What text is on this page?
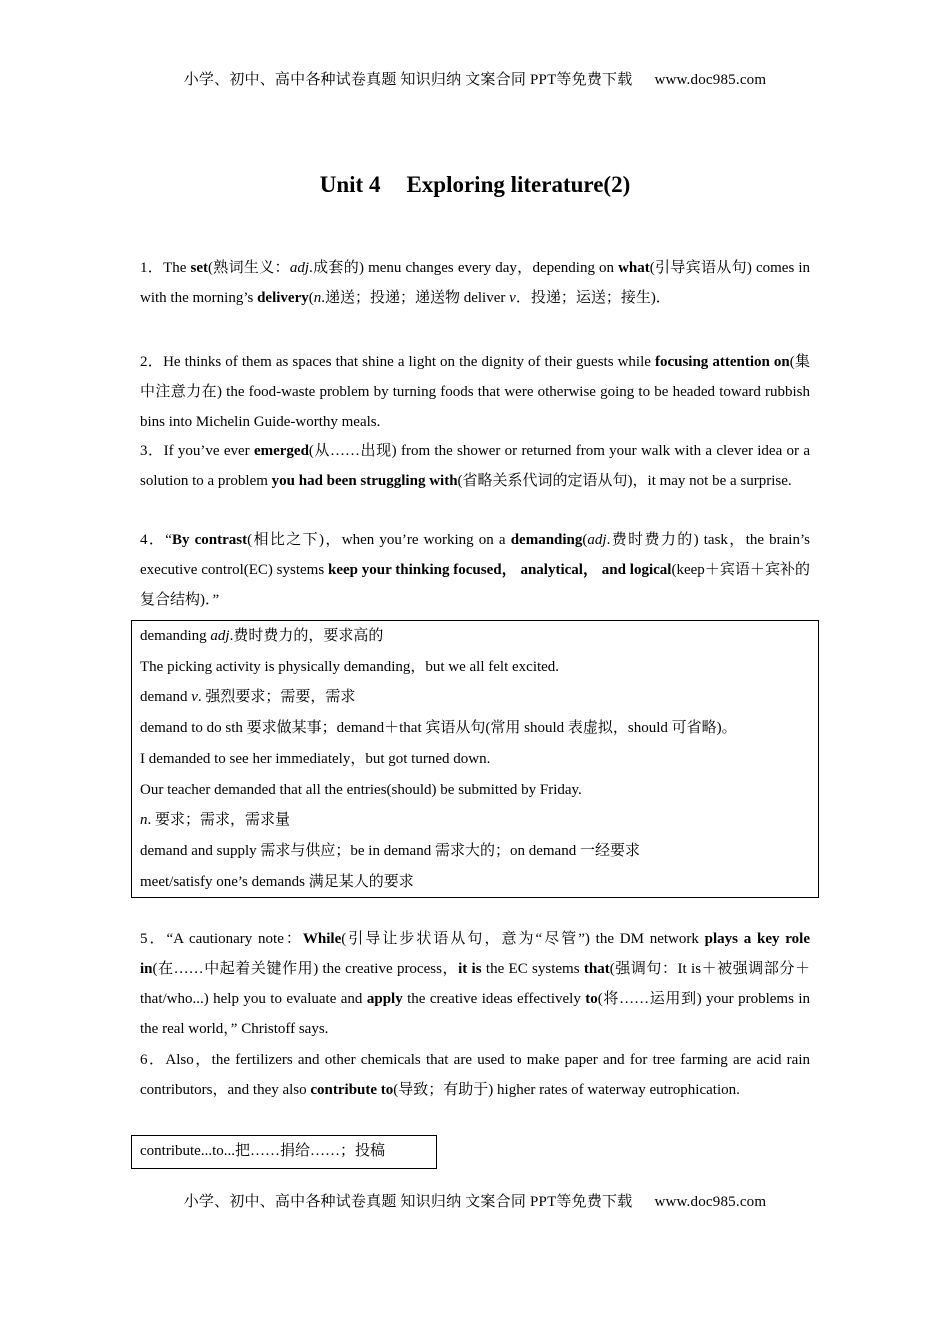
小学、初中、高中各种试卷真题 知识归纳 文案合同 PPT等免费下载 www.doc985.com
Unit 4 Exploring literature(2)

1．The set(熟词生义：adj.成套的) menu changes every day，depending on what(引导宾语从句) comes in with the morning’s delivery(n.递送；投递；递送物 deliver v．投递；运送；接生)．

2．He thinks of them as spaces that shine a light on the dignity of their guests while focusing attention on(集中注意力在) the food-waste problem by turning foods that were otherwise going to be headed toward rubbish bins into Michelin Guide-worthy meals.

3．If you’ve ever emerged(从……出现) from the shower or returned from your walk with a clever idea or a solution to a problem you had been struggling with(省略关系代词的定语从句)，it may not be a surprise.

4．“By contrast(相比之下)，when you’re working on a demanding(adj.费时费力的) task，the brain’s executive control(EC) systems keep your thinking focused， analytical， and logical(keep＋宾语＋宾补的复合结构)．”

demanding adj.费时费力的，要求高的
The picking activity is physically demanding，but we all felt excited.
demand v. 强烈要求；需要，需求
demand to do sth 要求做某事；demand＋that 宾语从句(常用 should 表虚拟，should 可省略)。
I demanded to see her immediately，but got turned down.
Our teacher demanded that all the entries(should) be submitted by Friday.
n. 要求；需求，需求量
demand and supply 需求与供应；be in demand 需求大的；on demand 一经要求
meet/satisfy one’s demands 满足某人的要求

5．“A cautionary note：While(引导让步状语从句，意为“尽管”) the DM network plays a key role in(在……中起着关键作用) the creative process，it is the EC systems that(强调句：It is＋被强调部分＋that/who...) help you to evaluate and apply the creative ideas effectively to(将……运用到) your problems in the real world，” Christoff says.

6．Also，the fertilizers and other chemicals that are used to make paper and for tree farming are acid rain contributors，and they also contribute to(导致；有助于) higher rates of waterway eutrophication.

contribute...to...把……捐给……；投稿
小学、初中、高中各种试卷真题 知识归纳 文案合同 PPT等免费下载 www.doc985.com
